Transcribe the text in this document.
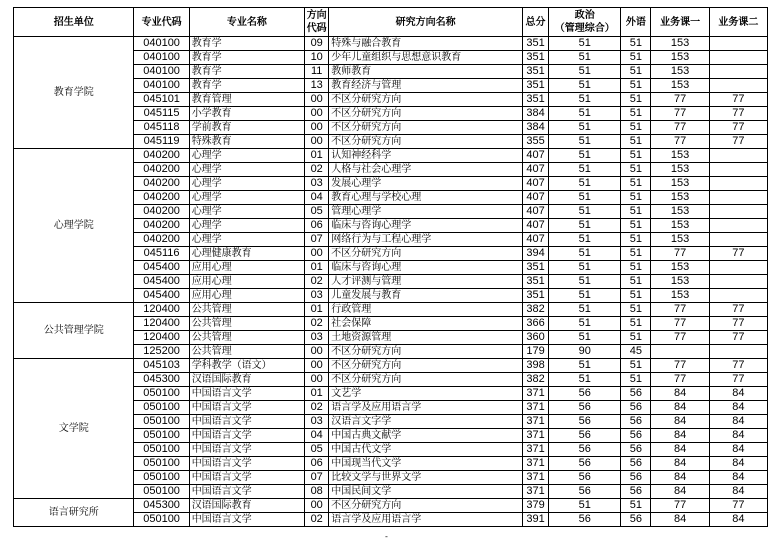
招生单位	专业代码	专业名称	方向
代码	研究方向名称	总分	政治
（管理综合）	外语	业务课一	业务课二
教育学院	040100	教育学	09	特殊与融合教育	351	51	51	153	
	040100	教育学	10	少年儿童组织与思想意识教育	351	51	51	153	
	040100	教育学	11	教师教育	351	51	51	153	
	040100	教育学	13	教育经济与管理	351	51	51	153	
	045101	教育管理	00	不区分研究方向	351	51	51	77	77
	045115	小学教育	00	不区分研究方向	384	51	51	77	77
	045118	学前教育	00	不区分研究方向	384	51	51	77	77
	045119	特殊教育	00	不区分研究方向	355	51	51	77	77
心理学院	040200	心理学	01	认知神经科学	407	51	51	153	
	040200	心理学	02	人格与社会心理学	407	51	51	153	
	040200	心理学	03	发展心理学	407	51	51	153	
	040200	心理学	04	教育心理与学校心理	407	51	51	153	
	040200	心理学	05	管理心理学	407	51	51	153	
	040200	心理学	06	临床与咨询心理学	407	51	51	153	
	040200	心理学	07	网络行为与工程心理学	407	51	51	153	
	045116	心理健康教育	00	不区分研究方向	394	51	51	77	77
	045400	应用心理	01	临床与咨询心理	351	51	51	153	
	045400	应用心理	02	人才评测与管理	351	51	51	153	
	045400	应用心理	03	儿童发展与教育	351	51	51	153	
公共管理学院	120400	公共管理	01	行政管理	382	51	51	77	77
	120400	公共管理	02	社会保障	366	51	51	77	77
	120400	公共管理	03	土地资源管理	360	51	51	77	77
	125200	公共管理	00	不区分研究方向	179	90	45		
文学院	045103	学科教学（语文）	00	不区分研究方向	398	51	51	77	77
	045300	汉语国际教育	00	不区分研究方向	382	51	51	77	77
	050100	中国语言文学	01	文艺学	371	56	56	84	84
	050100	中国语言文学	02	语言学及应用语言学	371	56	56	84	84
	050100	中国语言文学	03	汉语言文字学	371	56	56	84	84
	050100	中国语言文学	04	中国古典文献学	371	56	56	84	84
	050100	中国语言文学	05	中国古代文学	371	56	56	84	84
	050100	中国语言文学	06	中国现当代文学	371	56	56	84	84
	050100	中国语言文学	07	比较文学与世界文学	371	56	56	84	84
	050100	中国语言文学	08	中国民间文学	371	56	56	84	84
语言研究所	045300	汉语国际教育	00	不区分研究方向	379	51	51	77	77
	050100	中国语言文学	02	语言学及应用语言学	391	56	56	84	84
-
